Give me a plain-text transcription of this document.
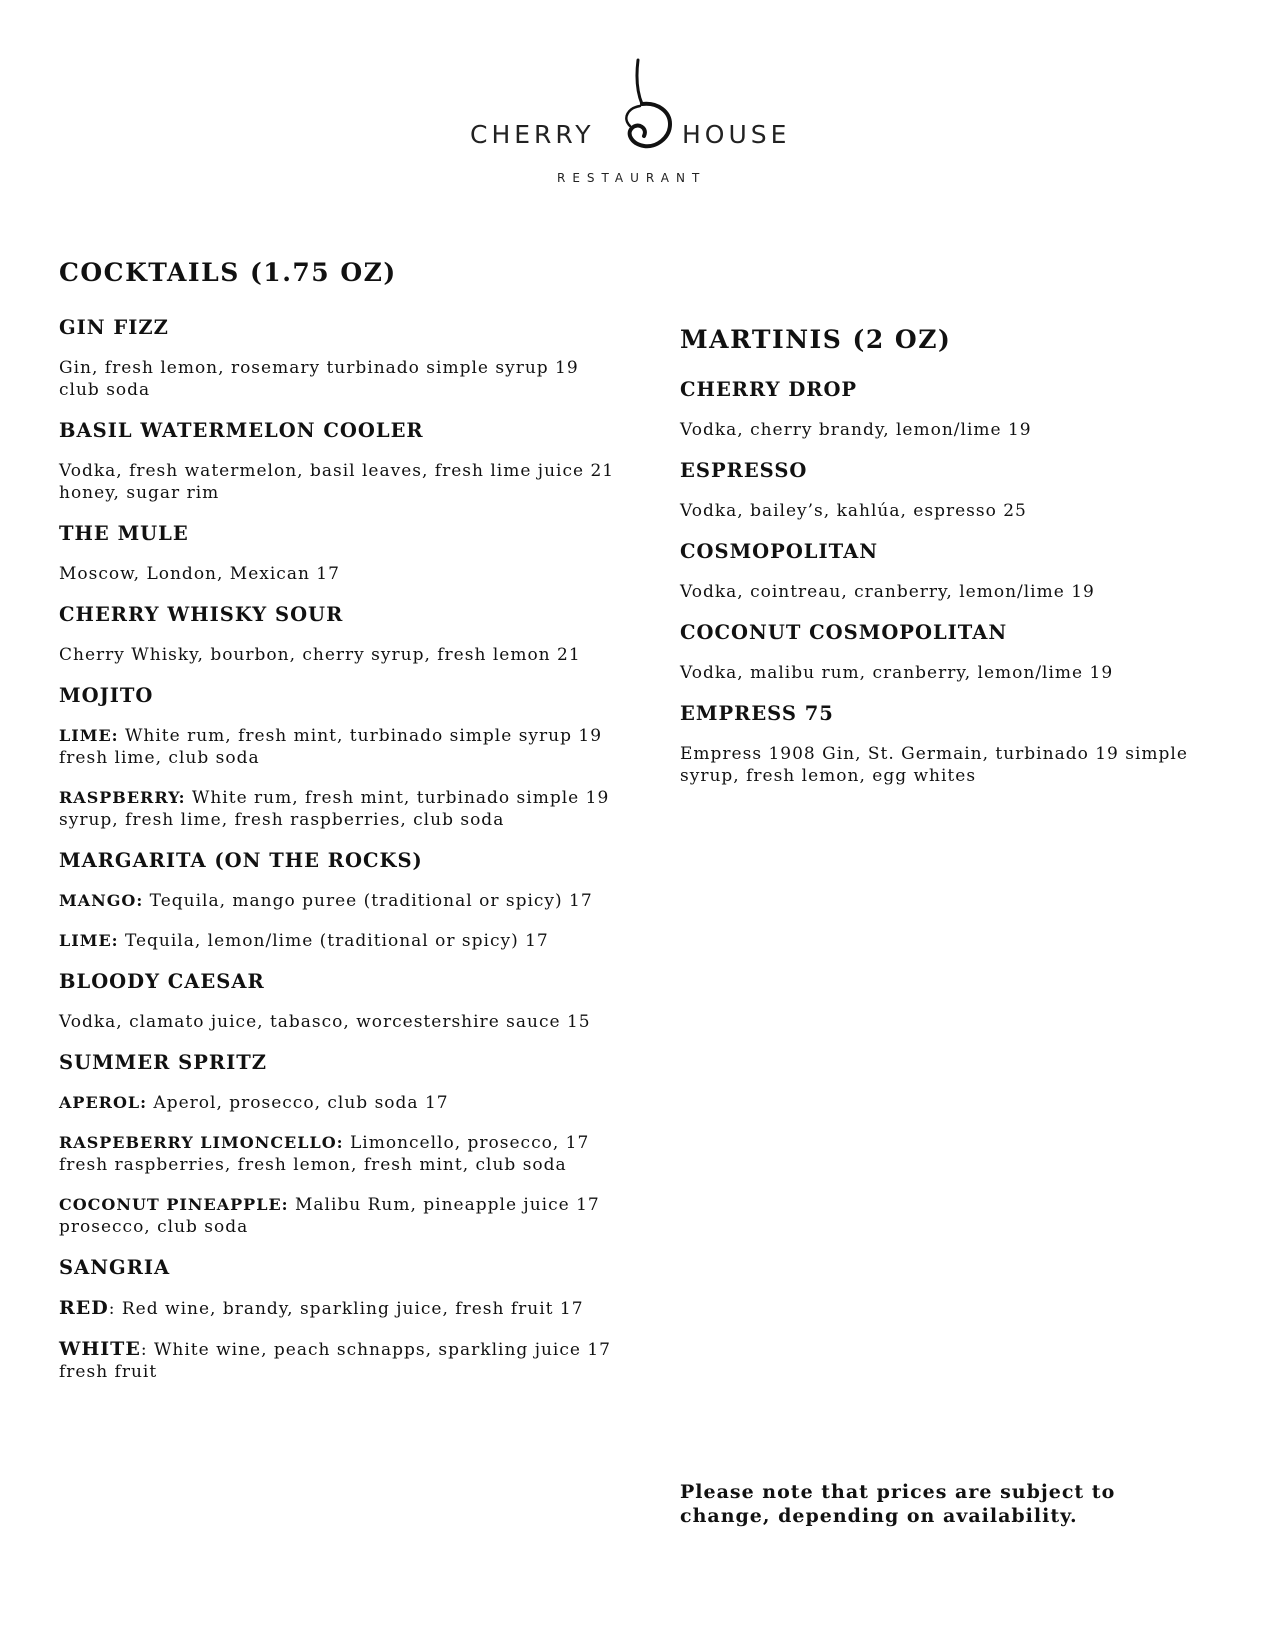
CHERRY	HOUSE
RESTAURANT
COCKTAILS (1.75 OZ)
GIN FIZZ

Gin, fresh lemon, rosemary turbinado simple syrup 19 club soda

BASIL WATERMELON COOLER

Vodka, fresh watermelon, basil leaves, fresh lime juice 21 honey, sugar rim

THE MULE

Moscow, London, Mexican 17

CHERRY WHISKY SOUR

Cherry Whisky, bourbon, cherry syrup, fresh lemon 21

MOJITO

LIME: White rum, fresh mint, turbinado simple syrup 19 fresh lime, club soda

RASPBERRY: White rum, fresh mint, turbinado simple 19 syrup, fresh lime, fresh raspberries, club soda

MARGARITA (ON THE ROCKS)

MANGO: Tequila, mango puree (traditional or spicy) 17

LIME: Tequila, lemon/lime (traditional or spicy) 17

BLOODY CAESAR

Vodka, clamato juice, tabasco, worcestershire sauce 15

SUMMER SPRITZ

APEROL: Aperol, prosecco, club soda 17

RASPEBERRY LIMONCELLO: Limoncello, prosecco, 17 fresh raspberries, fresh lemon, fresh mint, club soda

COCONUT PINEAPPLE: Malibu Rum, pineapple juice 17 prosecco, club soda

SANGRIA

RED: Red wine, brandy, sparkling juice, fresh fruit 17

WHITE: White wine, peach schnapps, sparkling juice 17 fresh fruit

MARTINIS (2 OZ)
CHERRY DROP

Vodka, cherry brandy, lemon/lime 19

ESPRESSO

Vodka, bailey’s, kahlúa, espresso 25

COSMOPOLITAN

Vodka, cointreau, cranberry, lemon/lime 19

COCONUT COSMOPOLITAN

Vodka, malibu rum, cranberry, lemon/lime 19

EMPRESS 75

Empress 1908 Gin, St. Germain, turbinado 19 simple syrup, fresh lemon, egg whites

Please note that prices are subject to change, depending on availability.
